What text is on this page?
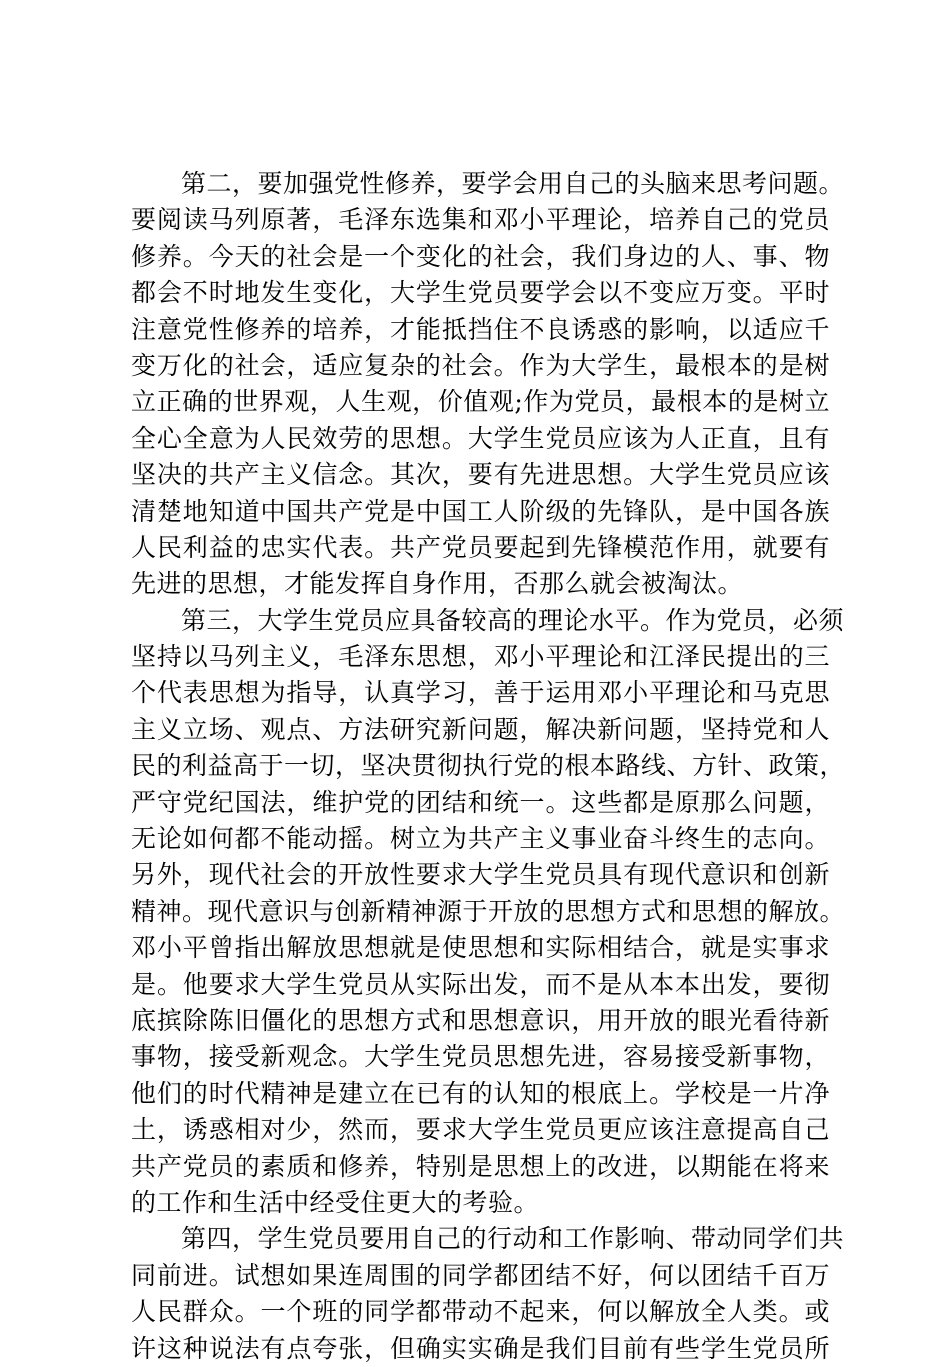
第二，要加强党性修养，要学会用自己的头脑来思考问题。
要阅读马列原著，毛泽东选集和邓小平理论，培养自己的党员
修养。今天的社会是一个变化的社会，我们身边的人、事、物
都会不时地发生变化，大学生党员要学会以不变应万变。平时
注意党性修养的培养，才能抵挡住不良诱惑的影响，以适应千
变万化的社会，适应复杂的社会。作为大学生，最根本的是树
立正确的世界观，人生观，价值观;作为党员，最根本的是树立
全心全意为人民效劳的思想。大学生党员应该为人正直，且有
坚决的共产主义信念。其次，要有先进思想。大学生党员应该
清楚地知道中国共产党是中国工人阶级的先锋队，是中国各族
人民利益的忠实代表。共产党员要起到先锋模范作用，就要有
先进的思想，才能发挥自身作用，否那么就会被淘汰。
第三，大学生党员应具备较高的理论水平。作为党员，必须
坚持以马列主义，毛泽东思想，邓小平理论和江泽民提出的三
个代表思想为指导，认真学习，善于运用邓小平理论和马克思
主义立场、观点、方法研究新问题，解决新问题，坚持党和人
民的利益高于一切，坚决贯彻执行党的根本路线、方针、政策，
严守党纪国法，维护党的团结和统一。这些都是原那么问题，
无论如何都不能动摇。树立为共产主义事业奋斗终生的志向。
另外，现代社会的开放性要求大学生党员具有现代意识和创新
精神。现代意识与创新精神源于开放的思想方式和思想的解放。
邓小平曾指出解放思想就是使思想和实际相结合，就是实事求
是。他要求大学生党员从实际出发，而不是从本本出发，要彻
底摈除陈旧僵化的思想方式和思想意识，用开放的眼光看待新
事物，接受新观念。大学生党员思想先进，容易接受新事物，
他们的时代精神是建立在已有的认知的根底上。学校是一片净
土，诱惑相对少，然而，要求大学生党员更应该注意提高自己
共产党员的素质和修养，特别是思想上的改进，以期能在将来
的工作和生活中经受住更大的考验。
第四，学生党员要用自己的行动和工作影响、带动同学们共
同前进。试想如果连周围的同学都团结不好，何以团结千百万
人民群众。一个班的同学都带动不起来，何以解放全人类。或
许这种说法有点夸张，但确实实确是我们目前有些学生党员所
